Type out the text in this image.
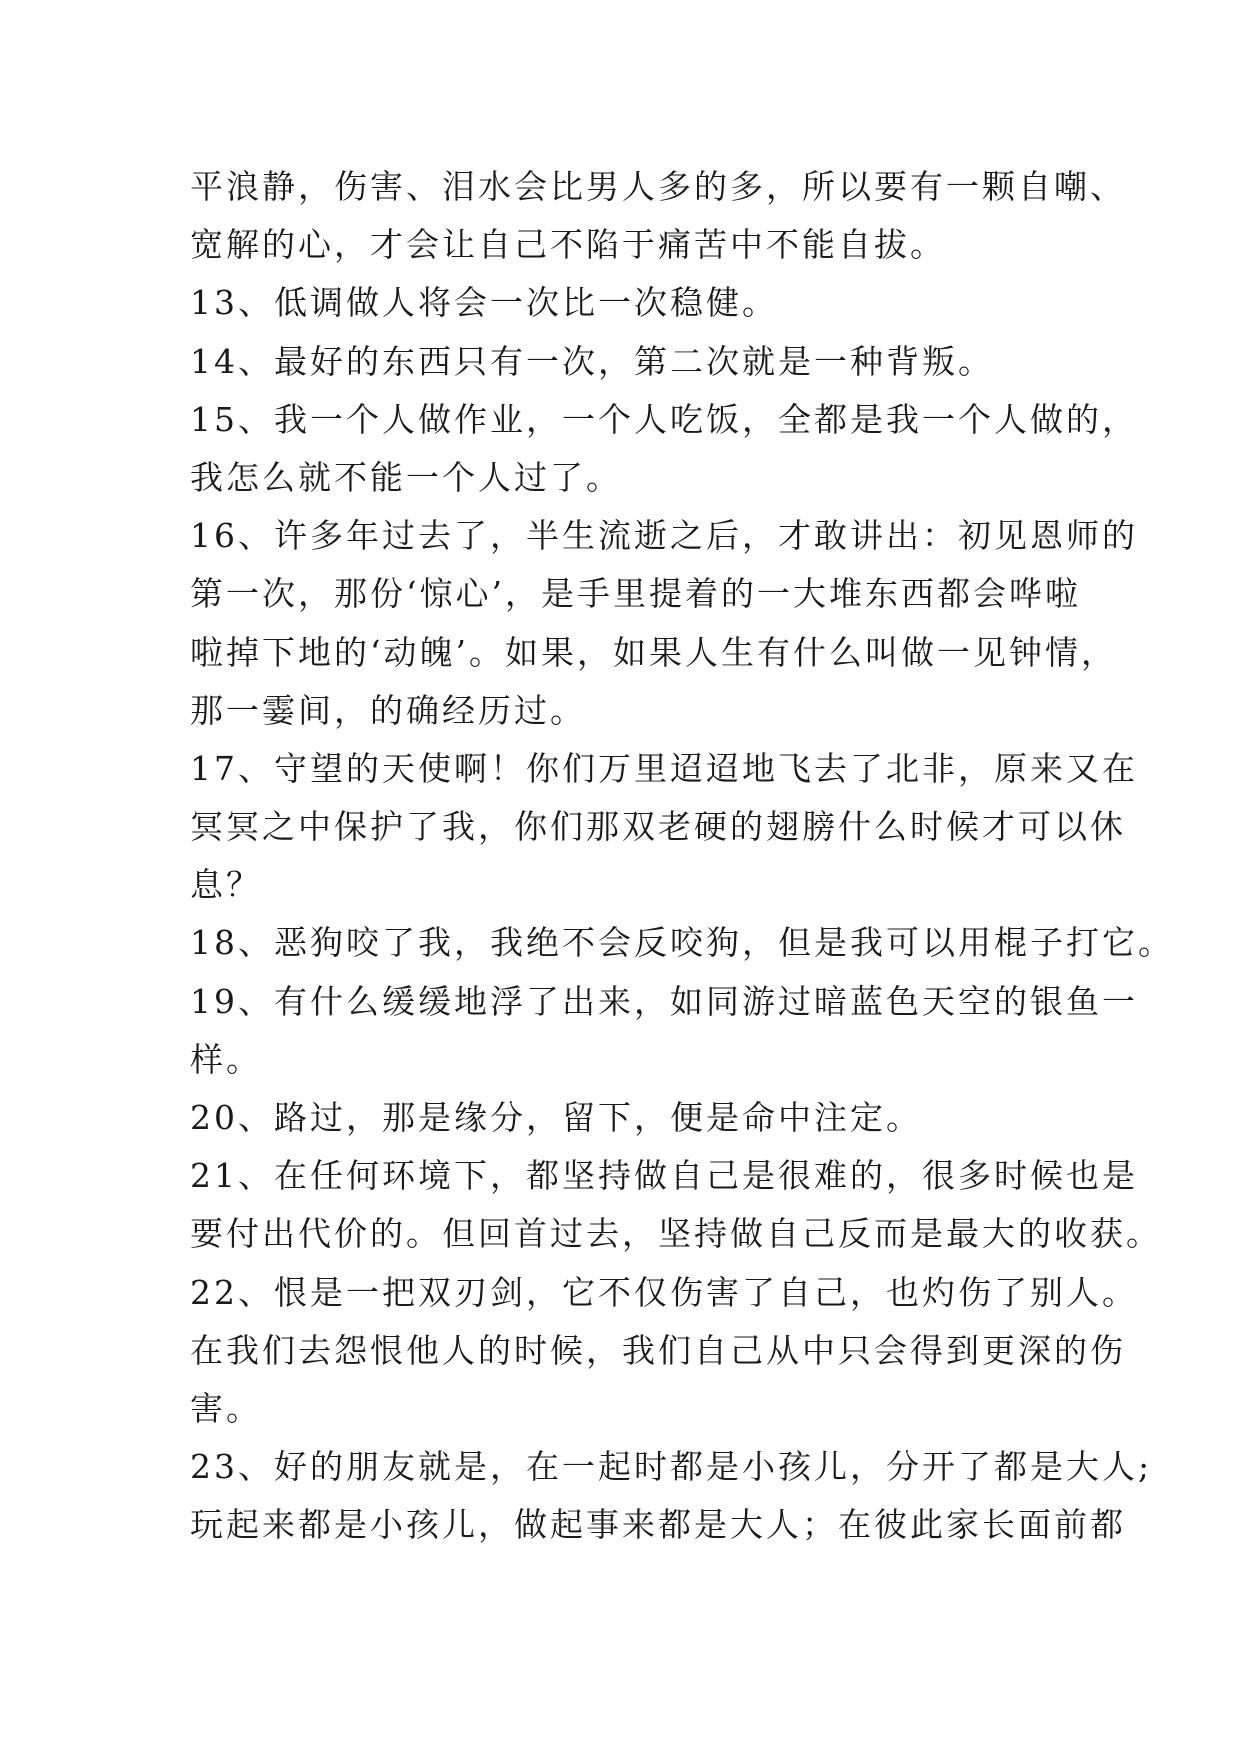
平浪静，伤害、泪水会比男人多的多，所以要有一颗自嘲、
宽解的心，才会让自己不陷于痛苦中不能自拔。
13、低调做人将会一次比一次稳健。
14、最好的东西只有一次，第二次就是一种背叛。
15、我一个人做作业，一个人吃饭，全都是我一个人做的，
我怎么就不能一个人过了。
16、许多年过去了，半生流逝之后，才敢讲出：初见恩师的
第一次，那份‘惊心’，是手里提着的一大堆东西都会哗啦
啦掉下地的‘动魄’。如果，如果人生有什么叫做一见钟情，
那一霎间，的确经历过。
17、守望的天使啊！你们万里迢迢地飞去了北非，原来又在
冥冥之中保护了我，你们那双老硬的翅膀什么时候才可以休
息？
18、恶狗咬了我，我绝不会反咬狗，但是我可以用棍子打它。
19、有什么缓缓地浮了出来，如同游过暗蓝色天空的银鱼一
样。
20、路过，那是缘分，留下，便是命中注定。
21、在任何环境下，都坚持做自己是很难的，很多时候也是
要付出代价的。但回首过去，坚持做自己反而是最大的收获。
22、恨是一把双刃剑，它不仅伤害了自己，也灼伤了别人。
在我们去怨恨他人的时候，我们自己从中只会得到更深的伤
害。
23、好的朋友就是，在一起时都是小孩儿，分开了都是大人;
玩起来都是小孩儿，做起事来都是大人；在彼此家长面前都
